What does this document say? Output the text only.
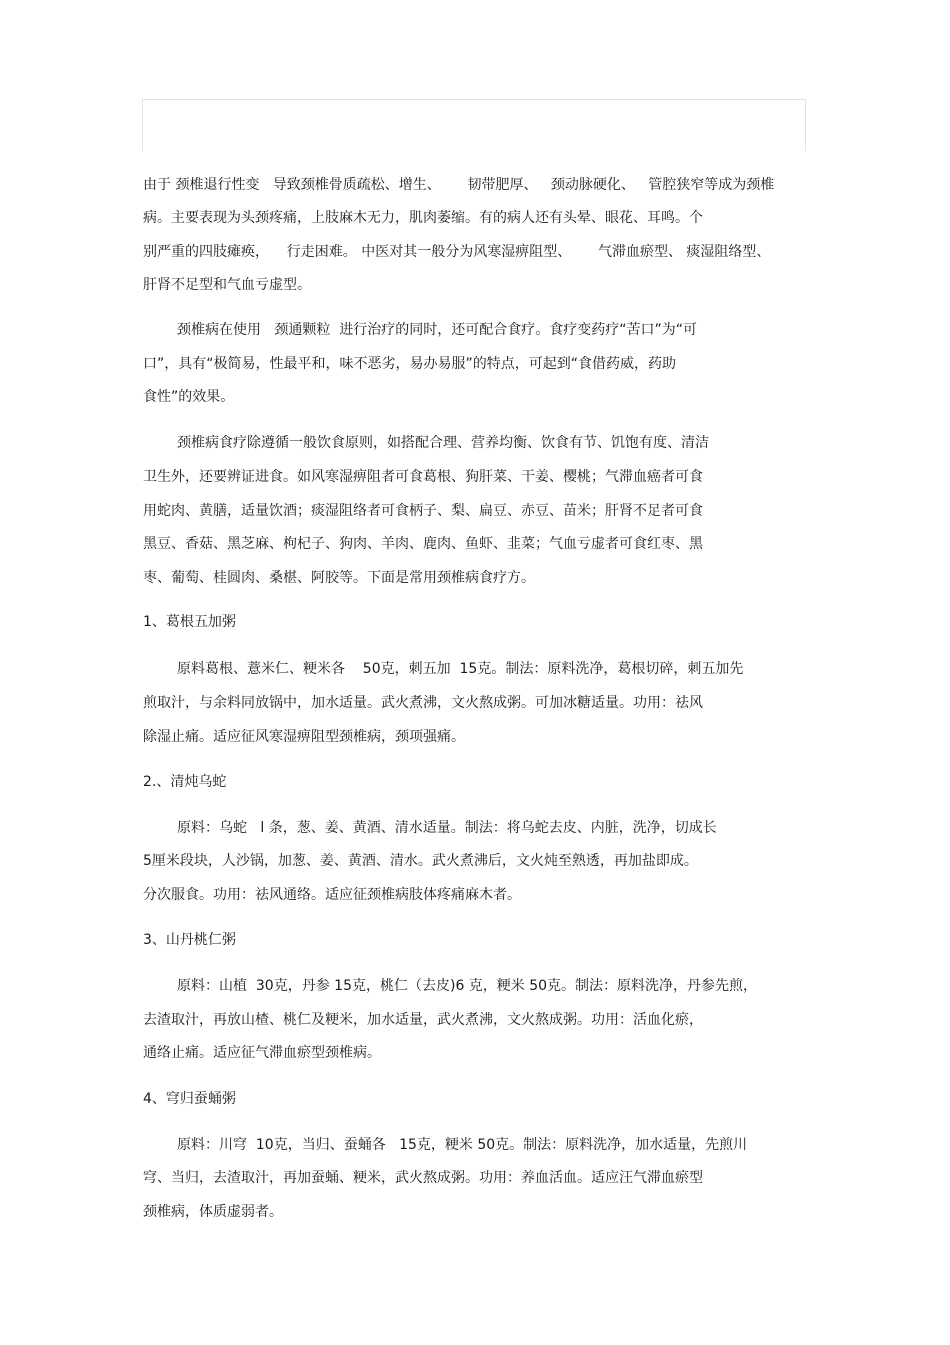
由于 颈椎退行性变   导致颈椎骨质疏松、增生、      韧带肥厚、   颈动脉硬化、   管腔狭窄等成为颈椎
病。主要表现为头颈疼痛，上肢麻木无力，肌肉萎缩。有的病人还有头晕、眼花、耳鸣。个
别严重的四肢瘫痪，    行走困难。 中医对其一般分为风寒湿痹阻型、      气滞血瘀型、 痰湿阻络型、
肝肾不足型和气血亏虚型。
颈椎病在使用   颈通颗粒  进行治疗的同时，还可配合食疗。食疗变药疗“苦口”为“可
口”，具有“极简易，性最平和，味不恶劣，易办易服”的特点，可起到“食借药威，药助
食性”的效果。
颈椎病食疗除遵循一般饮食原则，如搭配合理、营养均衡、饮食有节、饥饱有度、清洁
卫生外，还要辨证进食。如风寒湿痹阻者可食葛根、狗肝菜、干姜、樱桃；气滞血癌者可食
用蛇肉、黄膳，适量饮酒；痰湿阻络者可食柄子、梨、扁豆、赤豆、苗米；肝肾不足者可食
黑豆、香菇、黑芝麻、枸杞子、狗肉、羊肉、鹿肉、鱼虾、韭菜；气血亏虚者可食红枣、黑
枣、葡萄、桂圆肉、桑椹、阿胶等。下面是常用颈椎病食疗方。
1、葛根五加粥
原料葛根、薏米仁、粳米各    50克，刺五加  15克。制法：原料洗净，葛根切碎，刺五加先
煎取汁，与余料同放锅中，加水适量。武火煮沸，文火熬成粥。可加冰糖适量。功用：祛风
除湿止痛。适应征风寒湿痹阻型颈椎病，颈项强痛。
2.、清炖乌蛇
原料：乌蛇   l 条，葱、姜、黄酒、清水适量。制法：将乌蛇去皮、内脏，洗净，切成长
5厘米段块，人沙锅，加葱、姜、黄酒、清水。武火煮沸后，文火炖至熟透，再加盐即成。
分次服食。功用：祛风通络。适应征颈椎病肢体疼痛麻木者。
3、山丹桃仁粥
原料：山植  30克，丹参 15克，桃仁（去皮)6 克，粳米 50克。制法：原料洗净，丹参先煎，
去渣取汁，再放山楂、桃仁及粳米，加水适量，武火煮沸，文火熬成粥。功用：活血化瘀，
通络止痛。适应征气滞血瘀型颈椎病。
4、穹归蚕蛹粥
原料：川穹  10克，当归、蚕蛹各   15克，粳米 50克。制法：原料洗净，加水适量，先煎川
穹、当归，去渣取汁，再加蚕蛹、粳米，武火熬成粥。功用：养血活血。适应汪气滞血瘀型
颈椎病，体质虚弱者。
